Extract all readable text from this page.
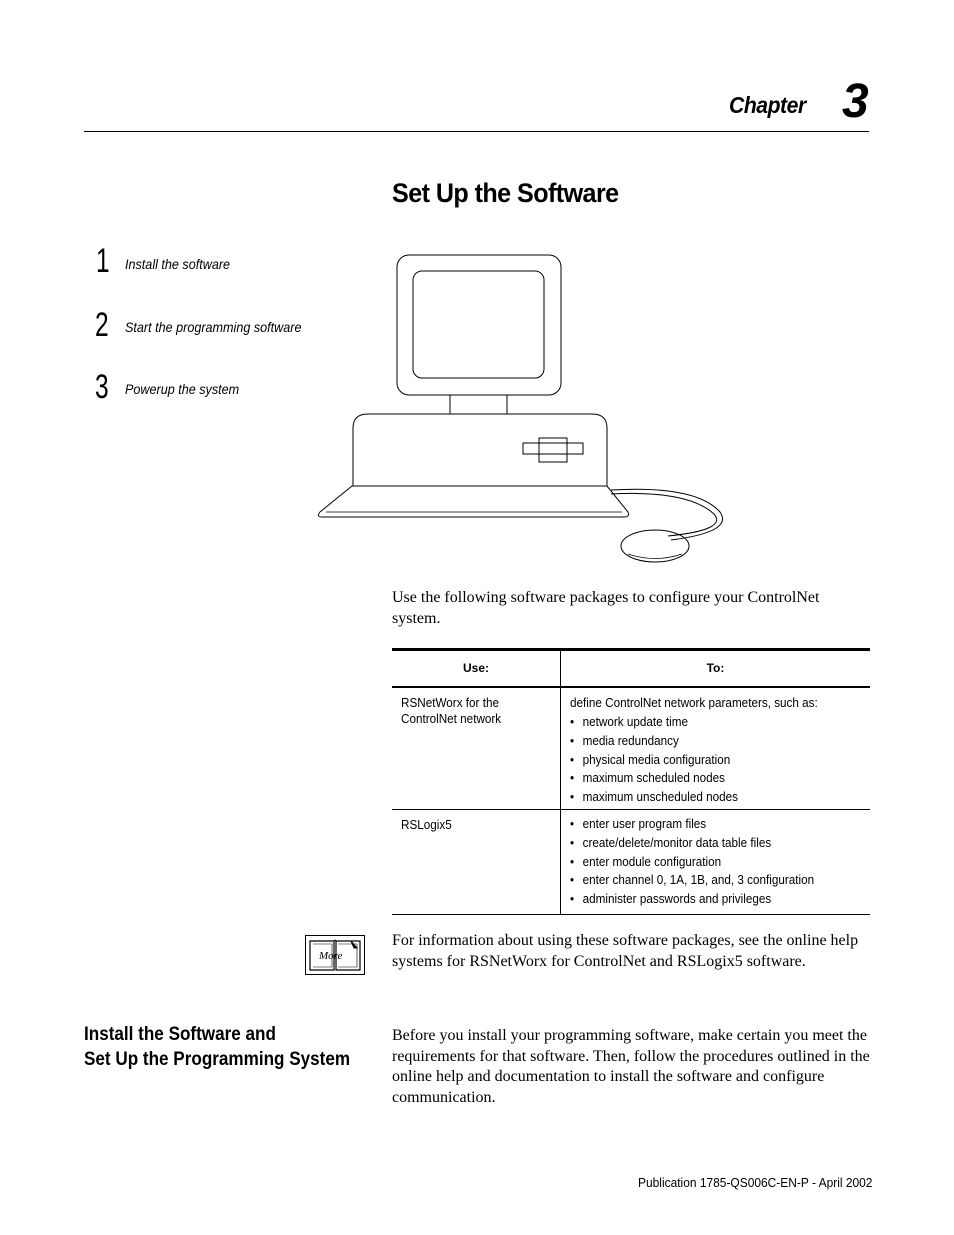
Chapter 3
Set Up the Software
1 Install the software
2 Start the programming software
3 Powerup the system
Use the following software packages to configure your ControlNet system.
Use:	To:
RSNetWorx for the
ControlNet network
define ControlNet network parameters, such as:
• network update time
• media redundancy
• physical media configuration
• maximum scheduled nodes
• maximum unscheduled nodes
RSLogix5
•	enter user program files
• create/delete/monitor data table files
• enter module configuration
• enter channel 0, 1A, 1B, and, 3 configuration
• administer passwords and privileges
More
For information about using these software packages, see the online help systems for RSNetWorx for ControlNet and RSLogix5 software.
Install the Software and
Set Up the Programming System
Before you install your programming software, make certain you meet the requirements for that software. Then, follow the procedures outlined in the online help and documentation to install the software and configure communication.
Publication 1785-QS006C-EN-P - April 2002
